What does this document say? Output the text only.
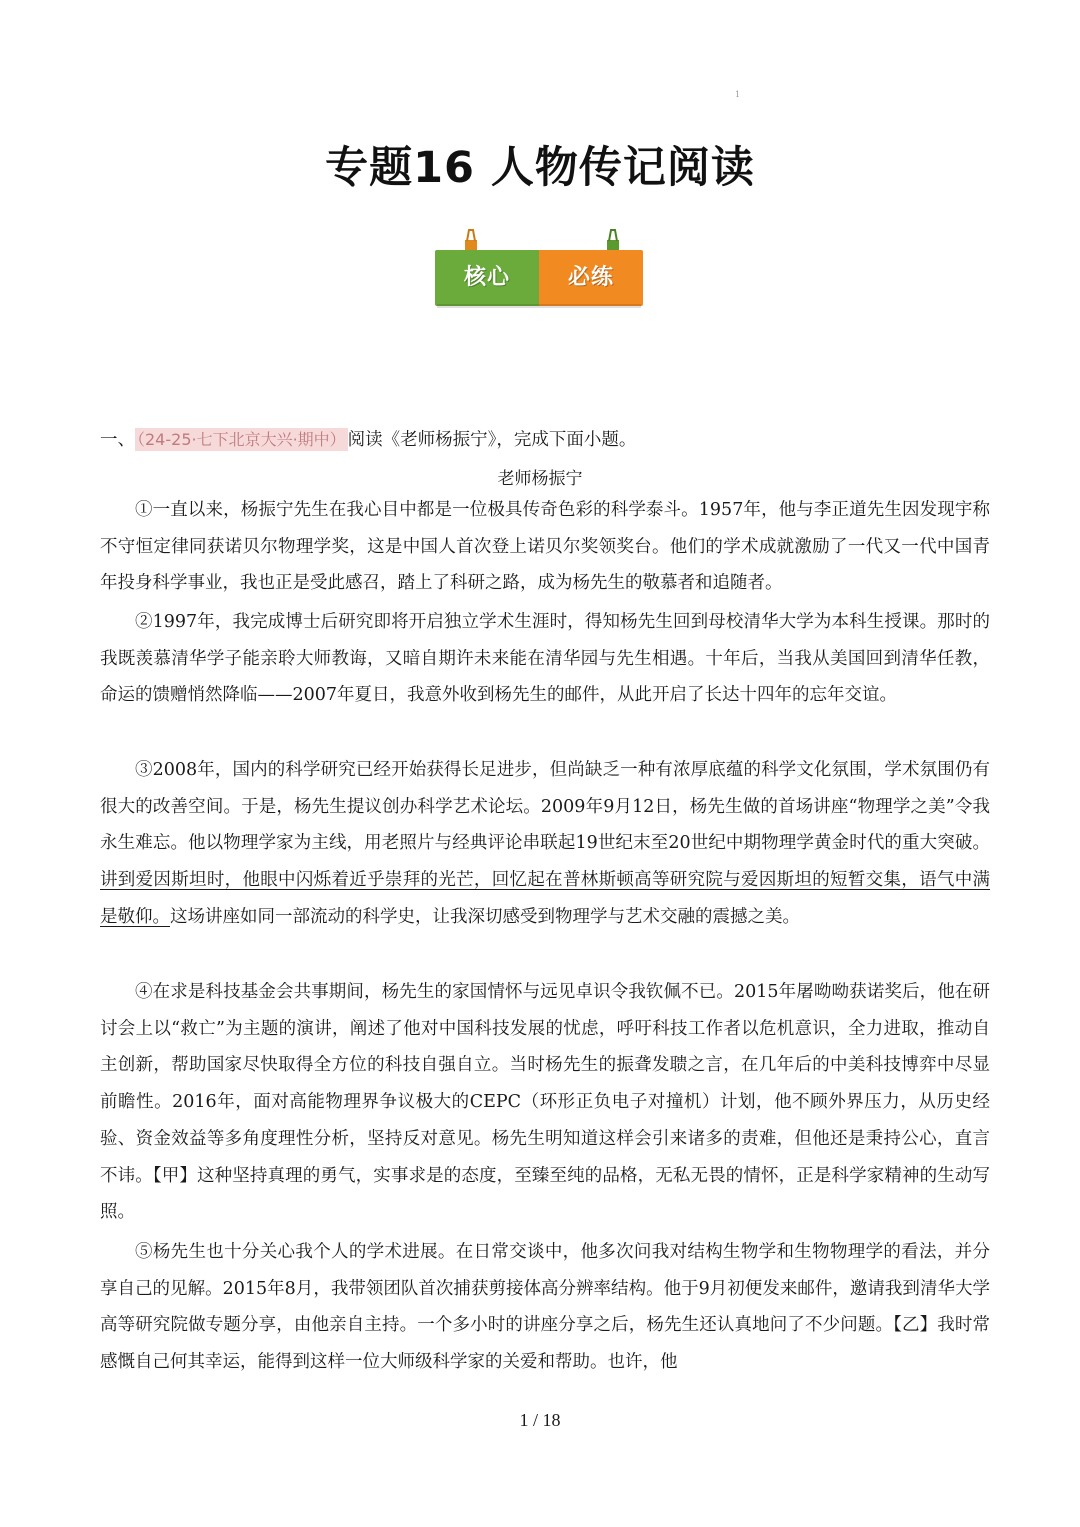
1
专题16 人物传记阅读
核心	必练
一、 （24-25·七下北京大兴·期中） 阅读《老师杨振宁》，完成下面小题。
老师杨振宁
①一直以来，杨振宁先生在我心目中都是一位极具传奇色彩的科学泰斗。1957年，他与李正道先生因发现宇称不守恒定律同获诺贝尔物理学奖，这是中国人首次登上诺贝尔奖领奖台。他们的学术成就激励了一代又一代中国青年投身科学事业，我也正是受此感召，踏上了科研之路，成为杨先生的敬慕者和追随者。
②1997年，我完成博士后研究即将开启独立学术生涯时，得知杨先生回到母校清华大学为本科生授课。那时的我既羡慕清华学子能亲聆大师教诲，又暗自期许未来能在清华园与先生相遇。十年后，当我从美国回到清华任教，命运的馈赠悄然降临——2007年夏日，我意外收到杨先生的邮件，从此开启了长达十四年的忘年交谊。
③2008年，国内的科学研究已经开始获得长足进步，但尚缺乏一种有浓厚底蕴的科学文化氛围，学术氛围仍有很大的改善空间。于是，杨先生提议创办科学艺术论坛。2009年9月12日，杨先生做的首场讲座“物理学之美”令我永生难忘。他以物理学家为主线，用老照片与经典评论串联起19世纪末至20世纪中期物理学黄金时代的重大突破。讲到爱因斯坦时，他眼中闪烁着近乎崇拜的光芒，回忆起在普林斯顿高等研究院与爱因斯坦的短暂交集，语气中满是敬仰。这场讲座如同一部流动的科学史，让我深切感受到物理学与艺术交融的震撼之美。
④在求是科技基金会共事期间，杨先生的家国情怀与远见卓识令我钦佩不已。2015年屠呦呦获诺奖后，他在研讨会上以“救亡”为主题的演讲，阐述了他对中国科技发展的忧虑，呼吁科技工作者以危机意识，全力进取，推动自主创新，帮助国家尽快取得全方位的科技自强自立。当时杨先生的振聋发聩之言，在几年后的中美科技博弈中尽显前瞻性。2016年，面对高能物理界争议极大的CEPC（环形正负电子对撞机）计划，他不顾外界压力，从历史经验、资金效益等多角度理性分析，坚持反对意见。杨先生明知道这样会引来诸多的责难，但他还是秉持公心，直言不讳。【甲】这种坚持真理的勇气，实事求是的态度，至臻至纯的品格，无私无畏的情怀，正是科学家精神的生动写照。
⑤杨先生也十分关心我个人的学术进展。在日常交谈中，他多次问我对结构生物学和生物物理学的看法，并分享自己的见解。2015年8月，我带领团队首次捕获剪接体高分辨率结构。他于9月初便发来邮件，邀请我到清华大学高等研究院做专题分享，由他亲自主持。一个多小时的讲座分享之后，杨先生还认真地问了不少问题。【乙】我时常感慨自己何其幸运，能得到这样一位大师级科学家的关爱和帮助。也许，他
1 / 18
